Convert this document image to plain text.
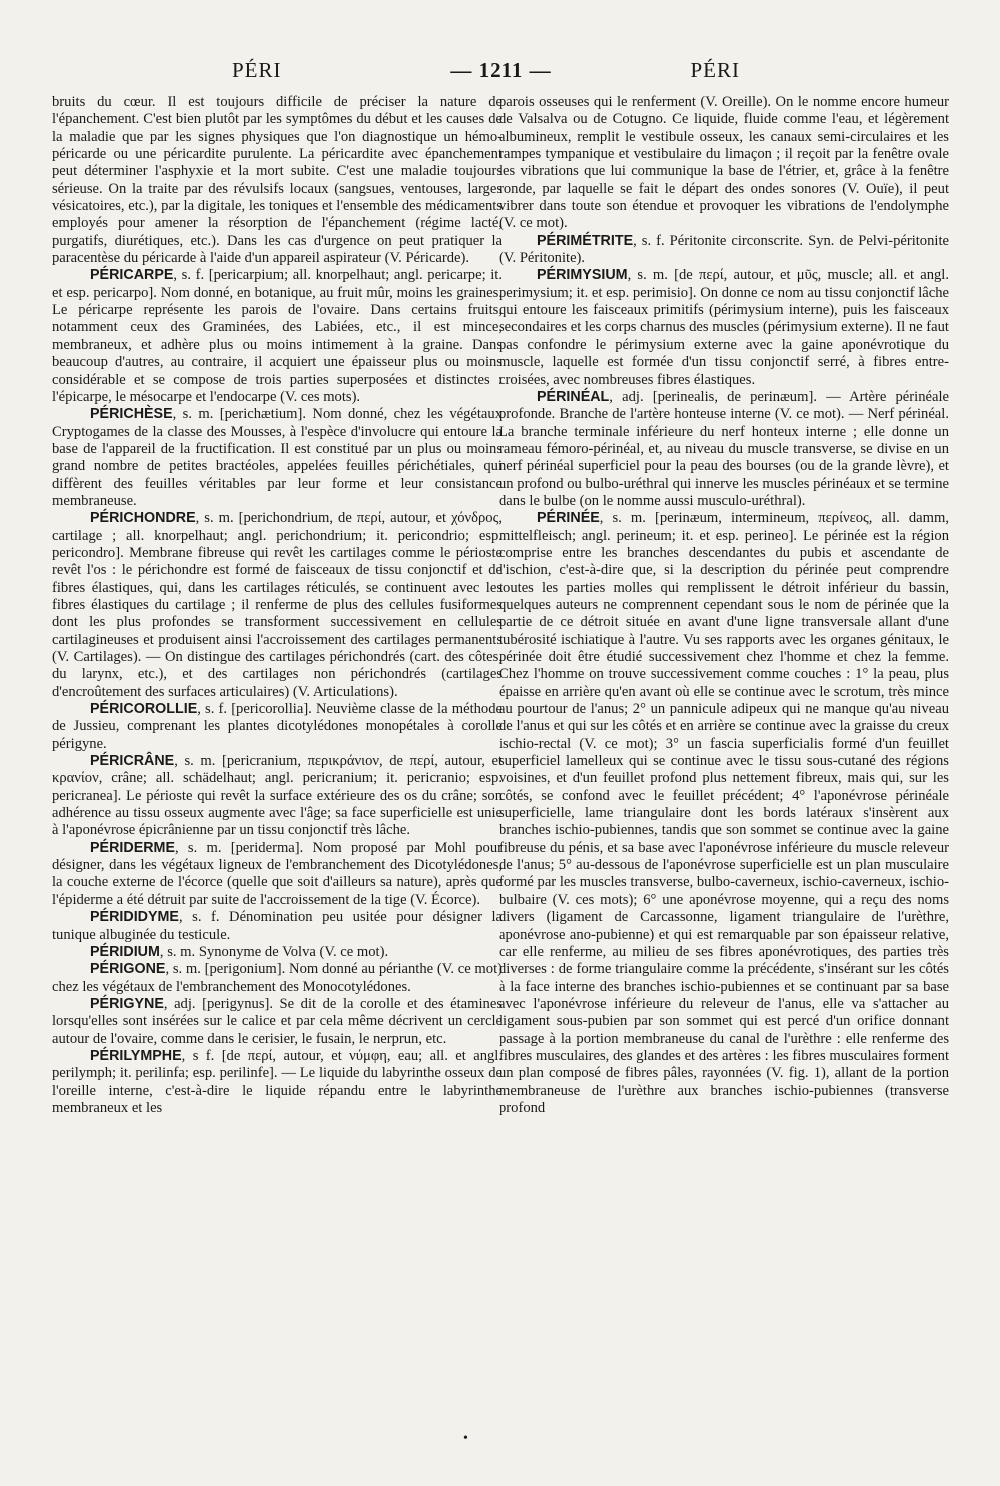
PÉRI	— 1211 —	PÉRI

bruits du cœur. Il est toujours difficile de préciser la nature de l'épanchement. C'est bien plutôt par les symptômes du début et les causes de la maladie que par les signes physiques que l'on diagnostique un hémo-péricarde ou une péricardite purulente. La péricardite avec épanchement peut déterminer l'asphyxie et la mort subite. C'est une maladie toujours sérieuse. On la traite par des révulsifs locaux (sangsues, ventouses, larges vésicatoires, etc.), par la digitale, les toniques et l'ensemble des médicaments employés pour amener la résorption de l'épanchement (régime lacté, purgatifs, diurétiques, etc.). Dans les cas d'urgence on peut pratiquer la paracentèse du péricarde à l'aide d'un appareil aspirateur (V. Péricarde).

PÉRICARPE, s. f. [pericarpium; all. knorpelhaut; angl. pericarpe; it. et esp. pericarpo]. Nom donné, en botanique, au fruit mûr, moins les graines. Le péricarpe représente les parois de l'ovaire. Dans certains fruits, notamment ceux des Graminées, des Labiées, etc., il est mince, membraneux, et adhère plus ou moins intimement à la graine. Dans beaucoup d'autres, au contraire, il acquiert une épaisseur plus ou moins considérable et se compose de trois parties superposées et distinctes : l'épicarpe, le mésocarpe et l'endocarpe (V. ces mots).

PÉRICHÈSE, s. m. [perichætium]. Nom donné, chez les végétaux Cryptogames de la classe des Mousses, à l'espèce d'involucre qui entoure la base de l'appareil de la fructification. Il est constitué par un plus ou moins grand nombre de petites bractéoles, appelées feuilles périchétiales, qui diffèrent des feuilles véritables par leur forme et leur consistance membraneuse.

PÉRICHONDRE, s. m. [perichondrium, de περί, autour, et χόνδρος, cartilage ; all. knorpelhaut; angl. perichondrium; it. pericondrio; esp. pericondro]. Membrane fibreuse qui revêt les cartilages comme le périoste revêt l'os : le périchondre est formé de faisceaux de tissu conjonctif et de fibres élastiques, qui, dans les cartilages réticulés, se continuent avec les fibres élastiques du cartilage ; il renferme de plus des cellules fusiformes dont les plus profondes se transforment successivement en cellules cartilagineuses et produisent ainsi l'accroissement des cartilages permanents (V. Cartilages). — On distingue des cartilages périchondrés (cart. des côtes, du larynx, etc.), et des cartilages non périchondrés (cartilages d'encroûtement des surfaces articulaires) (V. Articulations).

PÉRICOROLLIE, s. f. [pericorollia]. Neuvième classe de la méthode de Jussieu, comprenant les plantes dicotylédones monopétales à corolle périgyne.

PÉRICRÂNE, s. m. [pericranium, περικράνιον, de περί, autour, et κρανίον, crâne; all. schädelhaut; angl. pericranium; it. pericranio; esp. pericranea]. Le périoste qui revêt la surface extérieure des os du crâne; son adhérence au tissu osseux augmente avec l'âge; sa face superficielle est unie à l'aponévrose épicrânienne par un tissu conjonctif très lâche.

PÉRIDERME, s. m. [periderma]. Nom proposé par Mohl pour désigner, dans les végétaux ligneux de l'embranchement des Dicotylédones, la couche externe de l'écorce (quelle que soit d'ailleurs sa nature), après que l'épiderme a été détruit par suite de l'accroissement de la tige (V. Écorce).

PÉRIDIDYME, s. f. Dénomination peu usitée pour désigner la tunique albuginée du testicule.

PÉRIDIUM, s. m. Synonyme de Volva (V. ce mot).

PÉRIGONE, s. m. [perigonium]. Nom donné au périanthe (V. ce mot) chez les végétaux de l'embranchement des Monocotylédones.

PÉRIGYNE, adj. [perigynus]. Se dit de la corolle et des étamines lorsqu'elles sont insérées sur le calice et par cela même décrivent un cercle autour de l'ovaire, comme dans le cerisier, le fusain, le nerprun, etc.

PÉRILYMPHE, s f. [de περί, autour, et νύμφη, eau; all. et angl. perilymph; it. perilinfa; esp. perilinfe]. — Le liquide du labyrinthe osseux de l'oreille interne, c'est-à-dire le liquide répandu entre le labyrinthe membraneux et les

parois osseuses qui le renferment (V. Oreille). On le nomme encore humeur de Valsalva ou de Cotugno. Ce liquide, fluide comme l'eau, et légèrement albumineux, remplit le vestibule osseux, les canaux semi-circulaires et les rampes tympanique et vestibulaire du limaçon ; il reçoit par la fenêtre ovale les vibrations que lui communique la base de l'étrier, et, grâce à la fenêtre ronde, par laquelle se fait le départ des ondes sonores (V. Ouïe), il peut vibrer dans toute son étendue et provoquer les vibrations de l'endolymphe (V. ce mot).

PÉRIMÉTRITE, s. f. Péritonite circonscrite. Syn. de Pelvi-péritonite (V. Péritonite).

PÉRIMYSIUM, s. m. [de περί, autour, et μῦς, muscle; all. et angl. perimysium; it. et esp. perimisio]. On donne ce nom au tissu conjonctif lâche qui entoure les faisceaux primitifs (périmysium interne), puis les faisceaux secondaires et les corps charnus des muscles (périmysium externe). Il ne faut pas confondre le périmysium externe avec la gaine aponévrotique du muscle, laquelle est formée d'un tissu conjonctif serré, à fibres entre-croisées, avec nombreuses fibres élastiques.

PÉRINÉAL, adj. [perinealis, de perinæum]. — Artère périnéale profonde. Branche de l'artère honteuse interne (V. ce mot). — Nerf périnéal. La branche terminale inférieure du nerf honteux interne ; elle donne un rameau fémoro-périnéal, et, au niveau du muscle transverse, se divise en un nerf périnéal superficiel pour la peau des bourses (ou de la grande lèvre), et un profond ou bulbo-uréthral qui innerve les muscles périnéaux et se termine dans le bulbe (on le nomme aussi musculo-uréthral).

PÉRINÉE, s. m. [perinæum, intermineum, περίνεος, all. damm, mittelfleisch; angl. perineum; it. et esp. perineo]. Le périnée est la région comprise entre les branches descendantes du pubis et ascendante de l'ischion, c'est-à-dire que, si la description du périnée peut comprendre toutes les parties molles qui remplissent le détroit inférieur du bassin, quelques auteurs ne comprennent cependant sous le nom de périnée que la partie de ce détroit située en avant d'une ligne transversale allant d'une tubérosité ischiatique à l'autre. Vu ses rapports avec les organes génitaux, le périnée doit être étudié successivement chez l'homme et chez la femme. Chez l'homme on trouve successivement comme couches : 1° la peau, plus épaisse en arrière qu'en avant où elle se continue avec le scrotum, très mince au pourtour de l'anus; 2° un pannicule adipeux qui ne manque qu'au niveau de l'anus et qui sur les côtés et en arrière se continue avec la graisse du creux ischio-rectal (V. ce mot); 3° un fascia superficialis formé d'un feuillet superficiel lamelleux qui se continue avec le tissu sous-cutané des régions voisines, et d'un feuillet profond plus nettement fibreux, mais qui, sur les côtés, se confond avec le feuillet précédent; 4° l'aponévrose périnéale superficielle, lame triangulaire dont les bords latéraux s'insèrent aux branches ischio-pubiennes, tandis que son sommet se continue avec la gaine fibreuse du pénis, et sa base avec l'aponévrose inférieure du muscle releveur de l'anus; 5° au-dessous de l'aponévrose superficielle est un plan musculaire formé par les muscles transverse, bulbo-caverneux, ischio-caverneux, ischio-bulbaire (V. ces mots); 6° une aponévrose moyenne, qui a reçu des noms divers (ligament de Carcassonne, ligament triangulaire de l'urèthre, aponévrose ano-pubienne) et qui est remarquable par son épaisseur relative, car elle renferme, au milieu de ses fibres aponévrotiques, des parties très diverses : de forme triangulaire comme la précédente, s'insérant sur les côtés à la face interne des branches ischio-pubiennes et se continuant par sa base avec l'aponévrose inférieure du releveur de l'anus, elle va s'attacher au ligament sous-pubien par son sommet qui est percé d'un orifice donnant passage à la portion membraneuse du canal de l'urèthre : elle renferme des fibres musculaires, des glandes et des artères : les fibres musculaires forment un plan composé de fibres pâles, rayonnées (V. fig. 1), allant de la portion membraneuse de l'urèthre aux branches ischio-pubiennes (transverse profond

•
